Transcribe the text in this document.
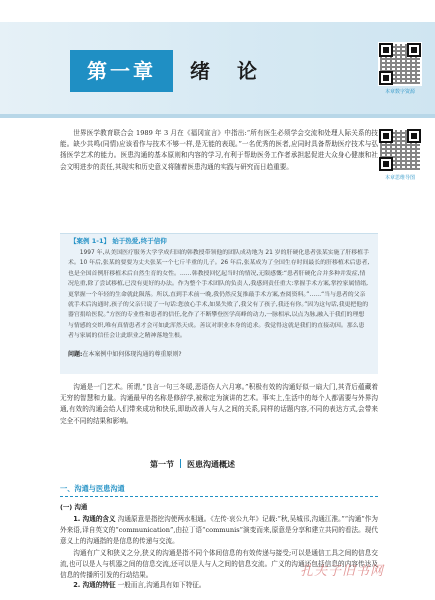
第一章	绪 论
本章数字资源
本章思维导图

世界医学教育联合会 1989 年 3 月在《福冈宣言》中指出:“所有医生必须学会交流和处理人际关系的技能。缺少共鸣(同情)应该看作与技术不够一样,是无能的表现。”一名优秀的医者,应同时具备帮助医疗技术与弘扬医学艺术的能力。医患沟通的基本原则和内容的学习,有利于帮助医务工作者承担起促进大众身心健康和社会文明进步的责任,其现实和历史意义将随着医患沟通的实践与研究而日趋重要。

【案例 1-1】 始于热爱,终于信仰

1997 年,从美国医疗服务大学学成归国的韩教授带领他的团队成功地为 21 岁的肝硬化患者张某实施了肝移植手术。10 年后,张某的要要为丈夫张某一个七斤半重的儿子。26 年后,张某成为了全国生存时间最长的肝移植术后患者,也是全国首例肝移植术后自然生育的女性。……韩教授回忆起当时的情况,无限感慨:“患者肝硬化合并多种并发症,情况危重,除了尝试移植,已没有更好的办法。作为整个手术团队的负责人,我感到责任重大:掌握手术方案,掌控家属情绪,更掌握一个年轻的生命就此陨落。所以,直到手术前一晚,我仍然反复推敲手术方案,查阅资料。”……“当与患者的父亲就手术后沟通时,孩子的父亲只说了一句话:您放心手术,如果失败了,我父有了孩子,我还有你。”因为这句话,我更把他的器官捐给医院。”方医的专业性和患者的信任,化作了不断攀登医学高峰的动力,一脉相承,以点为脉,融入于我们的理想与情感的交织,唯有真情患者才会可如此浑然天成。善议对职业本身的追求。我觉得这就是我们的直接动因。那么患者与家属的信任会让此职业之精神落地生根。

问题:在本案例中如何体现沟通的尊重原则?

沟通是一门艺术。所谓,“良言一句三冬暖,恶语伤人六月寒。”积极有效的沟通好似一扇大门,其背后蕴藏着无穷的智慧和力量。沟通最早的名称是修辞学,被称定为演讲的艺术。事实上,生活中的每个人都需要与外界沟通,有效的沟通会给人们带来成功和快乐,即助改善人与人之间的关系,同样的话题内容,不同的表达方式,会带来完全不同的结果和影响。

第一节 医患沟通概述
一、沟通与医患沟通
(一) 沟通

1. 沟通的含义 沟通原意是指挖沟使两水相通。《左传·哀公九年》记载:“秋,吴城邗,沟通江淮。”“沟通”作为外来语,译自英文的“communication”,由拉丁语“communis”演变而来,原意是分享和建立共同的看法。现代意义上的沟通指的是信息的传递与交流。

沟通有广义和狭义之分,狭义的沟通是指不同个体间信息的有效传递与接受;可以是通信工具之间的信息交流,也可以是人与机器之间的信息交流,还可以是人与人之间的信息交流。广义的沟通还包括信息的内容传达及信息的传播所引发的行动结果。

2. 沟通的特征 一般而言,沟通具有如下特征。
孔夫子旧书网
